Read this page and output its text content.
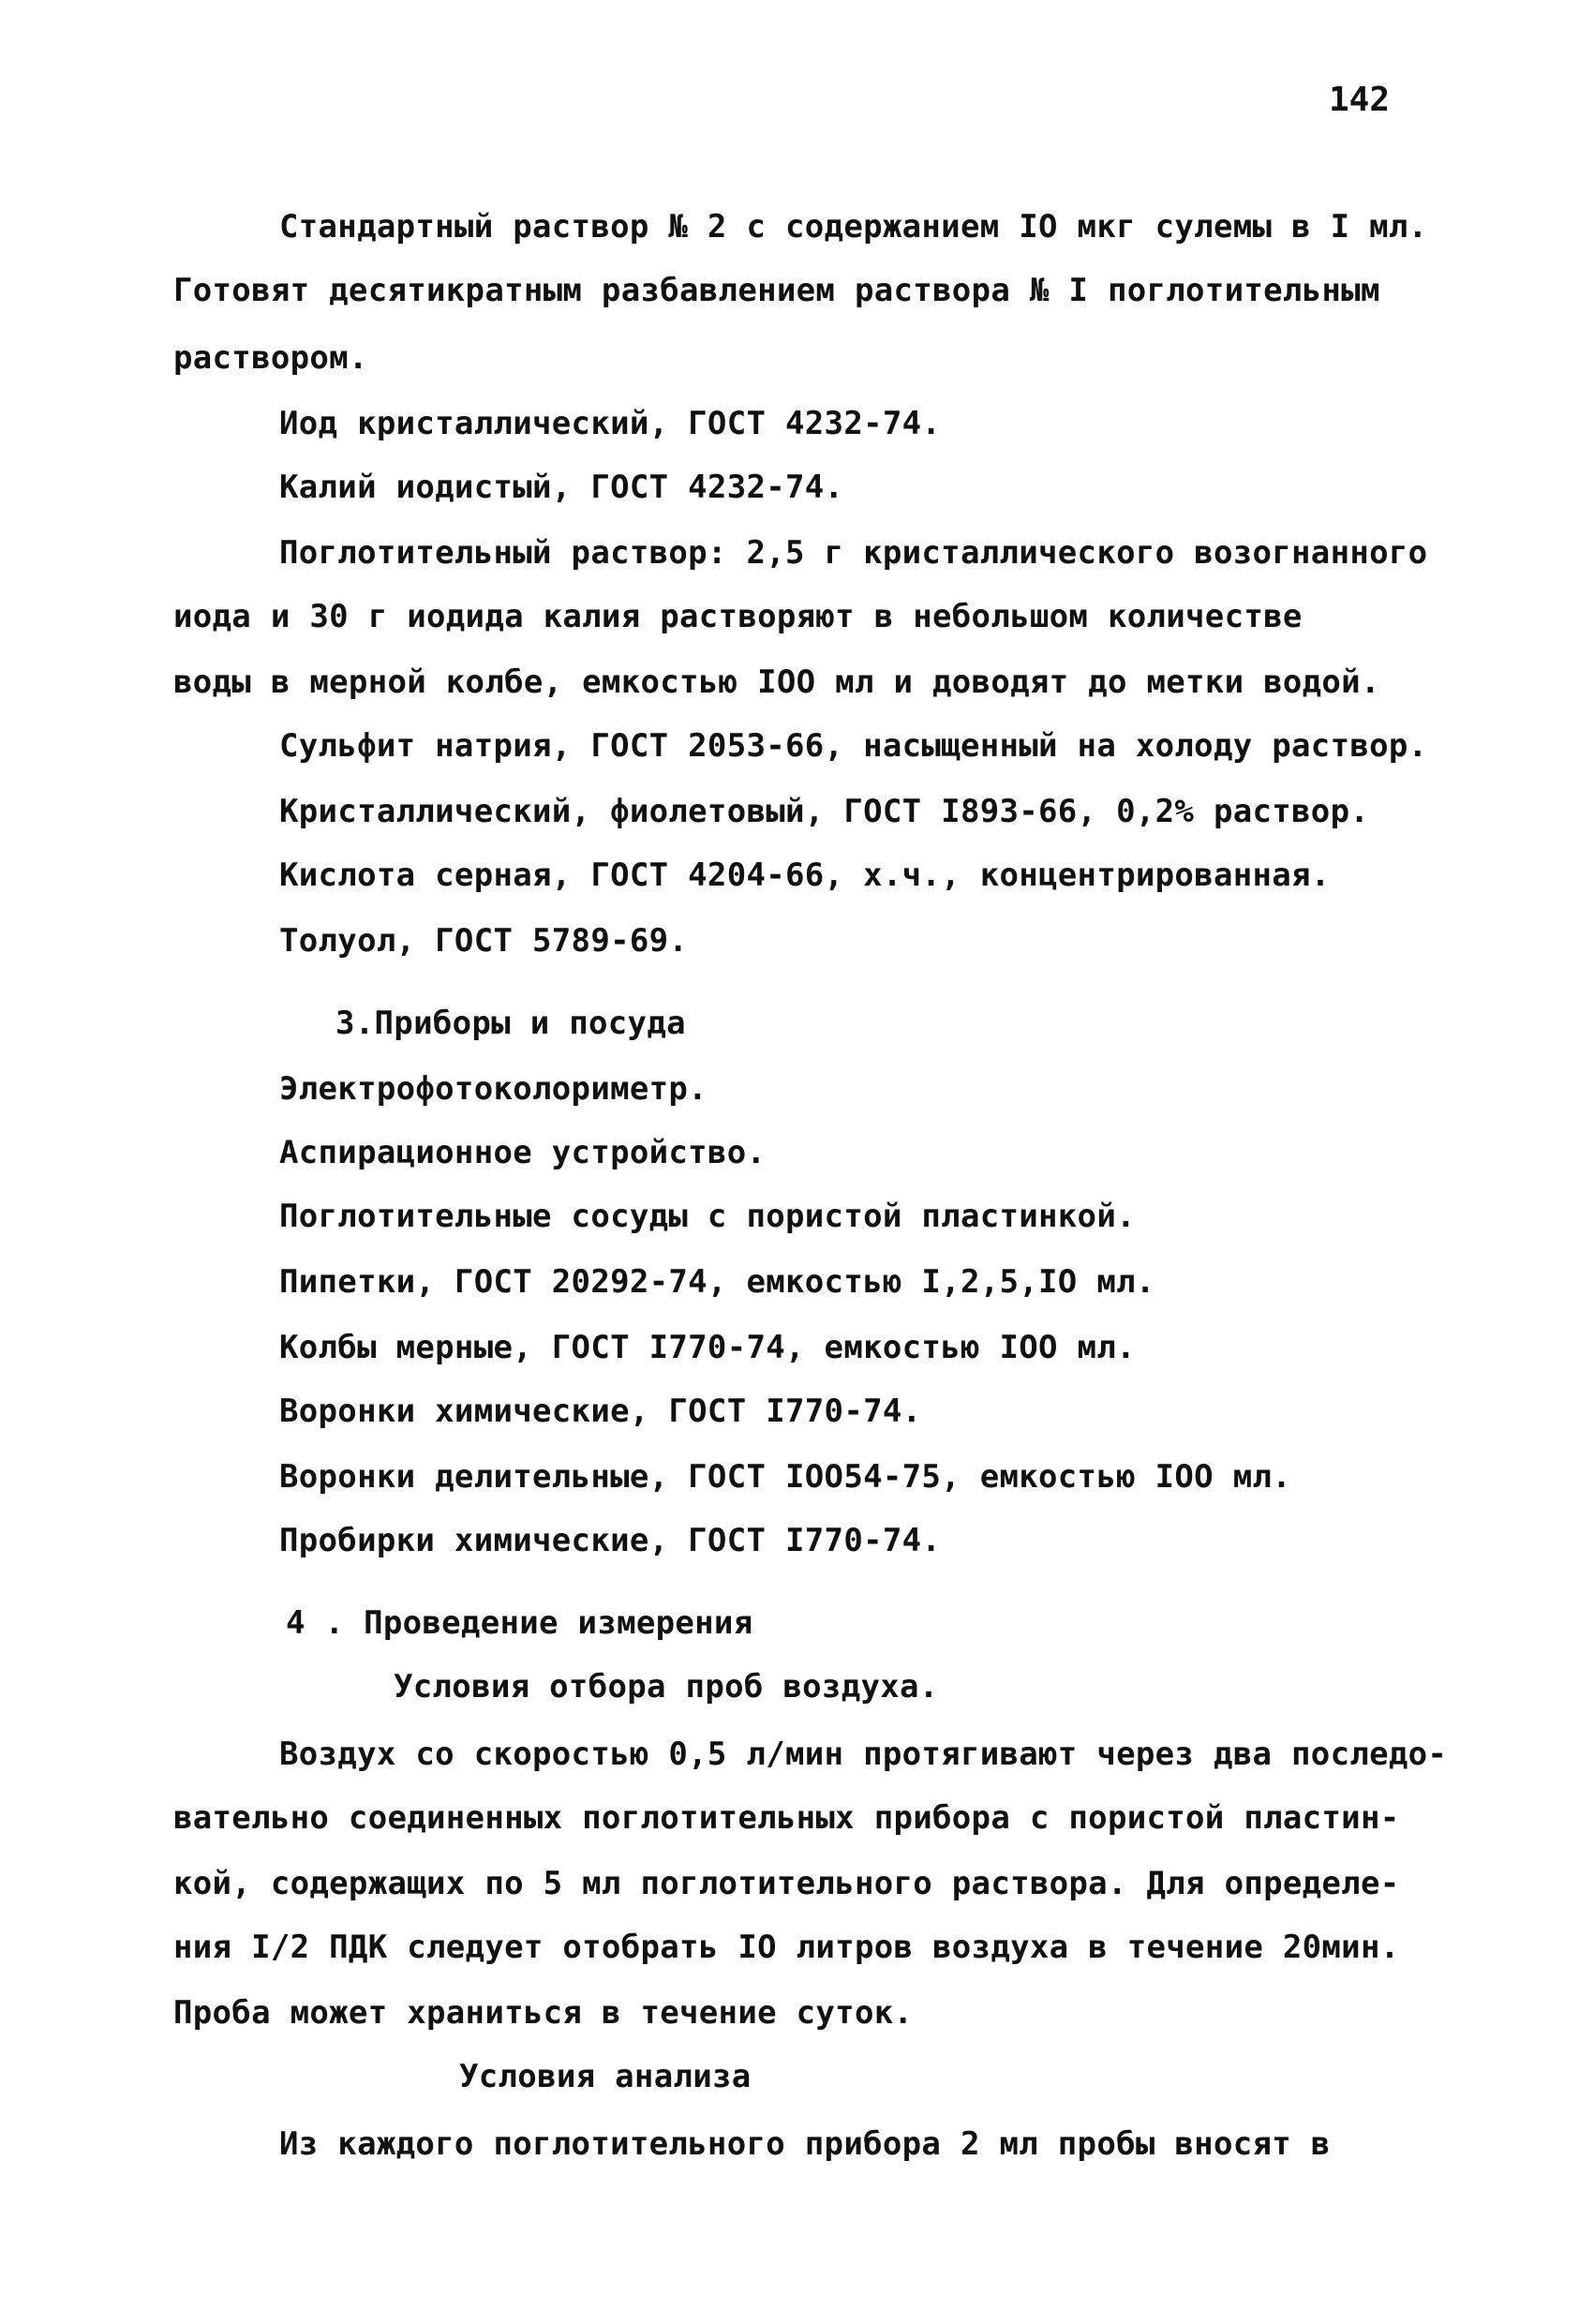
142
Стандартный раствор № 2 с содержанием IO мкг сулемы в I мл.
Готовят десятикратным разбавлением раствора № I поглотительным
раствором.
Иод кристаллический, ГОСТ 4232-74.
Калий иодистый, ГОСТ 4232-74.
Поглотительный раствор: 2,5 г кристаллического возогнанного
иода и 30 г иодида калия растворяют в небольшом количестве
воды в мерной колбе, емкостью IOO мл и доводят до метки водой.
Сульфит натрия, ГОСТ 2053-66, насыщенный на холоду раствор.
Кристаллический, фиолетовый, ГОСТ I893-66, 0,2% раствор.
Кислота серная, ГОСТ 4204-66, х.ч., концентрированная.
Толуол, ГОСТ 5789-69.
3.Приборы и посуда
Электрофотоколориметр.
Аспирационное устройство.
Поглотительные сосуды с пористой пластинкой.
Пипетки, ГОСТ 20292-74, емкостью I,2,5,IO мл.
Колбы мерные, ГОСТ I770-74, емкостью IOO мл.
Воронки химические, ГОСТ I770-74.
Воронки делительные, ГОСТ IOO54-75, емкостью IOO мл.
Пробирки химические, ГОСТ I770-74.
4 . Проведение измерения
Условия отбора проб воздуха.
Воздух со скоростью 0,5 л/мин протягивают через два последо-
вательно соединенных поглотительных прибора с пористой пластин-
кой, содержащих по 5 мл поглотительного раствора. Для определе-
ния I/2 ПДК следует отобрать IO литров воздуха в течение 20мин.
Проба может храниться в течение суток.
Условия анализа
Из каждого поглотительного прибора 2 мл пробы вносят в
